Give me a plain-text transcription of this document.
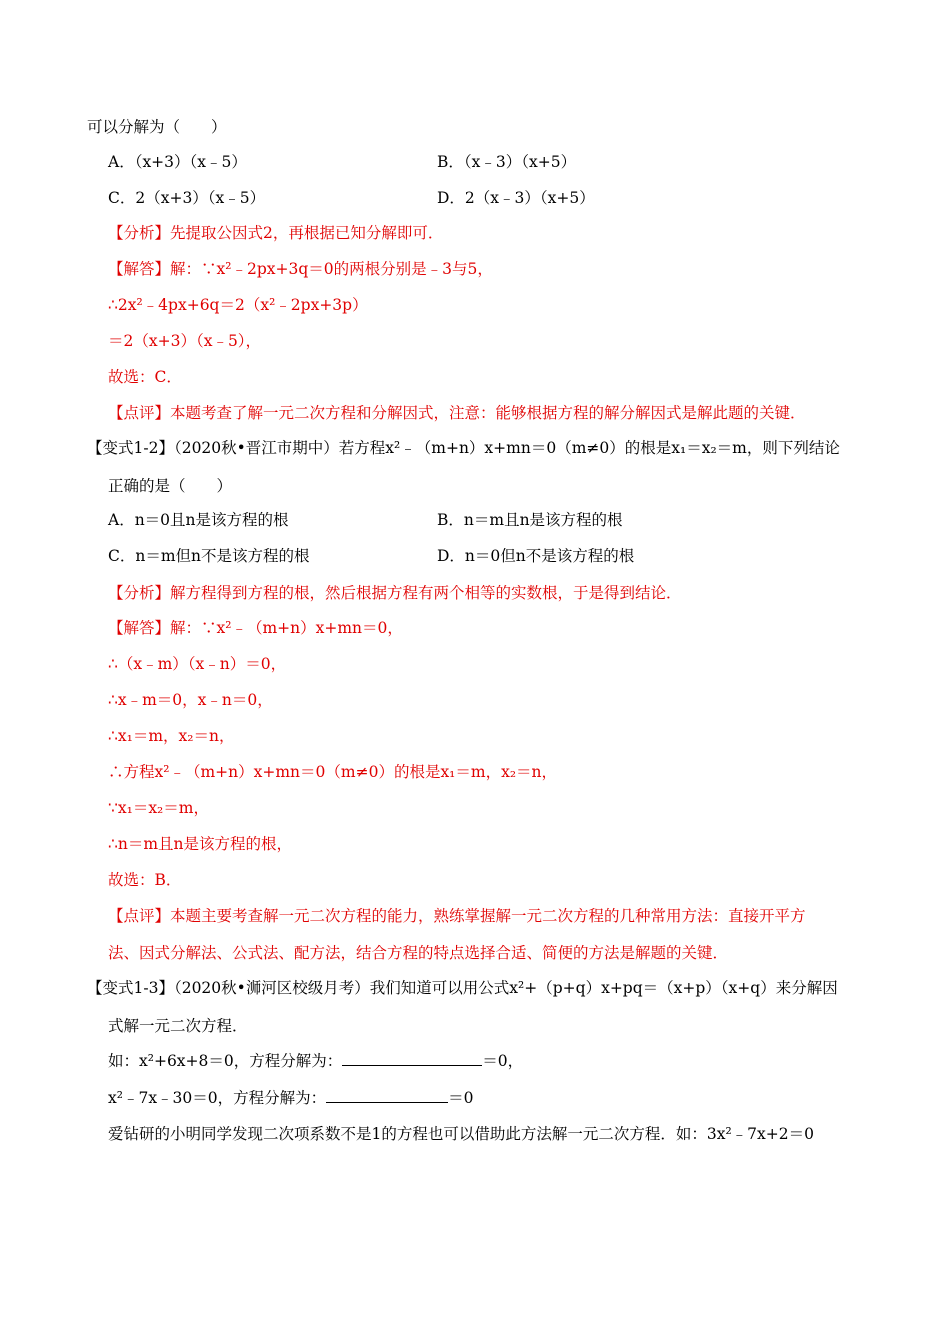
可以分解为（　　）
A．（x+3）（x﹣5）	B．（x﹣3）（x+5）
C．2（x+3）（x﹣5）	D．2（x﹣3）（x+5）
【分析】先提取公因式2，再根据已知分解即可．
【解答】解：∵x²﹣2px+3q＝0的两根分别是﹣3与5，
∴2x²﹣4px+6q＝2（x²﹣2px+3p）
＝2（x+3）（x﹣5），
故选：C．
【点评】本题考查了解一元二次方程和分解因式，注意：能够根据方程的解分解因式是解此题的关键．
【变式1-2】（2020秋•晋江市期中）若方程x²﹣（m+n）x+mn＝0（m≠0）的根是x₁＝x₂＝m，则下列结论
正确的是（　　）
A．n＝0且n是该方程的根	B．n＝m且n是该方程的根
C．n＝m但n不是该方程的根	D．n＝0但n不是该方程的根
【分析】解方程得到方程的根，然后根据方程有两个相等的实数根，于是得到结论．
【解答】解：∵x²﹣（m+n）x+mn＝0，
∴（x﹣m）（x﹣n）＝0，
∴x﹣m＝0，x﹣n＝0，
∴x₁＝m，x₂＝n，
∴方程x²﹣（m+n）x+mn＝0（m≠0）的根是x₁＝m，x₂＝n，
∵x₁＝x₂＝m，
∴n＝m且n是该方程的根，
故选：B．
【点评】本题主要考查解一元二次方程的能力，熟练掌握解一元二次方程的几种常用方法：直接开平方
法、因式分解法、公式法、配方法，结合方程的特点选择合适、简便的方法是解题的关键．
【变式1-3】（2020秋•浉河区校级月考）我们知道可以用公式x²+（p+q）x+pq＝（x+p）（x+q）来分解因
式解一元二次方程．
如：x²+6x+8＝0，方程分解为：	＝0，
x²﹣7x﹣30＝0，方程分解为：	＝0
爱钻研的小明同学发现二次项系数不是1的方程也可以借助此方法解一元二次方程．如：3x²﹣7x+2＝0
